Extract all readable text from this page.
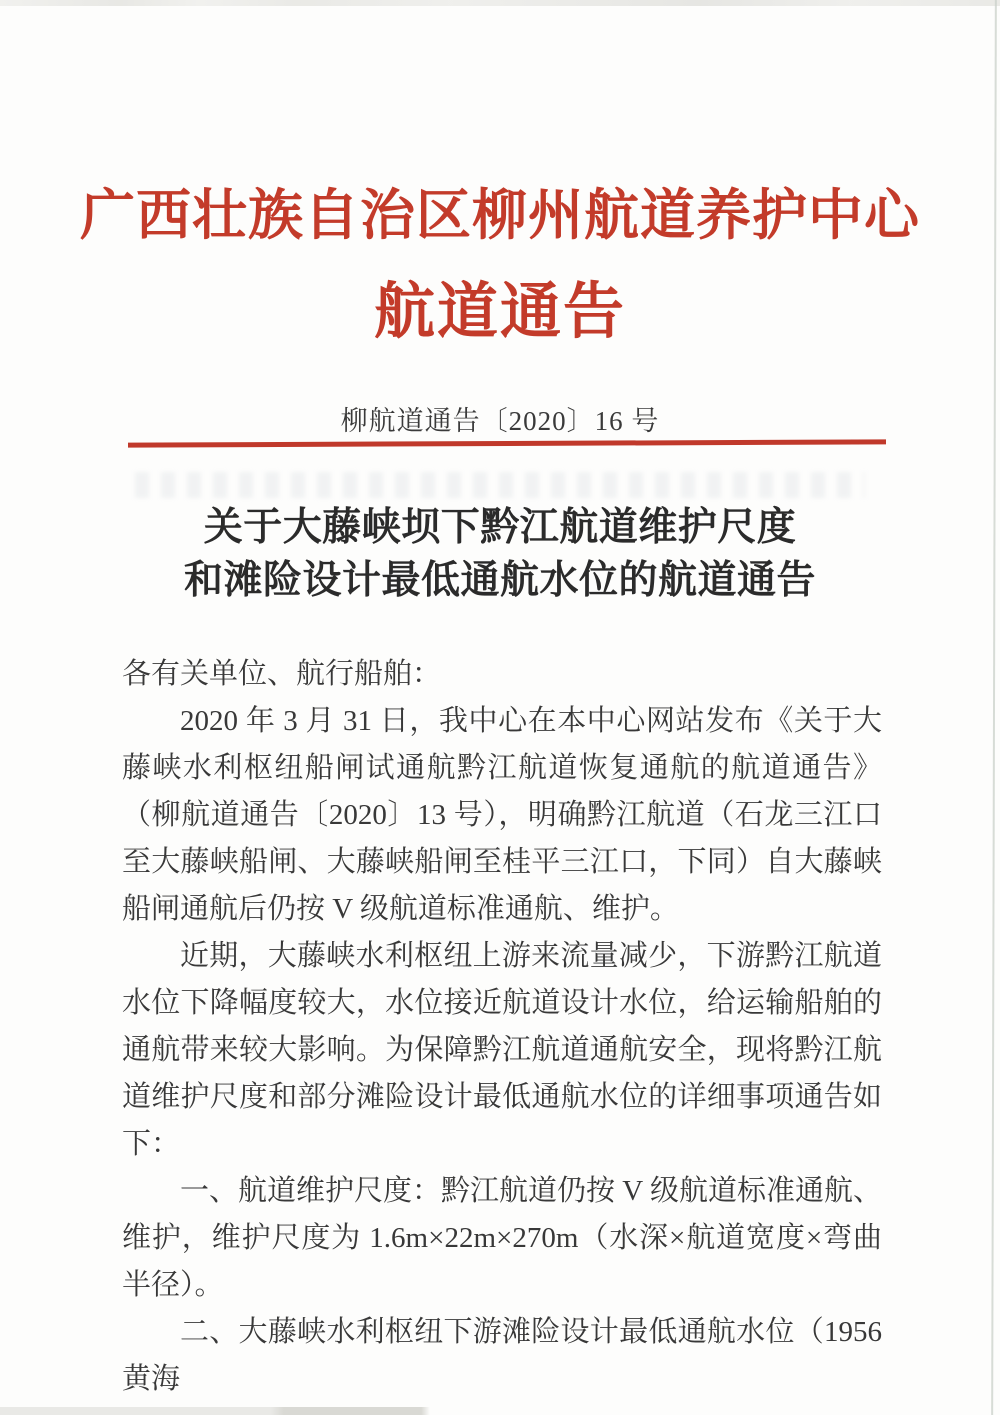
广西壮族自治区柳州航道养护中心
航道通告
柳航道通告〔2020〕16 号
关于大藤峡坝下黔江航道维护尺度
和滩险设计最低通航水位的航道通告

各有关单位、航行船舶：

2020 年 3 月 31 日，我中心在本中心网站发布《关于大藤峡水利枢纽船闸试通航黔江航道恢复通航的航道通告》（柳航道通告〔2020〕13 号），明确黔江航道（石龙三江口至大藤峡船闸、大藤峡船闸至桂平三江口，下同）自大藤峡船闸通航后仍按 V 级航道标准通航、维护。

近期，大藤峡水利枢纽上游来流量减少，下游黔江航道水位下降幅度较大，水位接近航道设计水位，给运输船舶的通航带来较大影响。为保障黔江航道通航安全，现将黔江航道维护尺度和部分滩险设计最低通航水位的详细事项通告如下：

一、航道维护尺度：黔江航道仍按 V 级航道标准通航、维护，维护尺度为 1.6m×22m×270m（水深×航道宽度×弯曲半径）。

二、大藤峡水利枢纽下游滩险设计最低通航水位（1956 黄海
